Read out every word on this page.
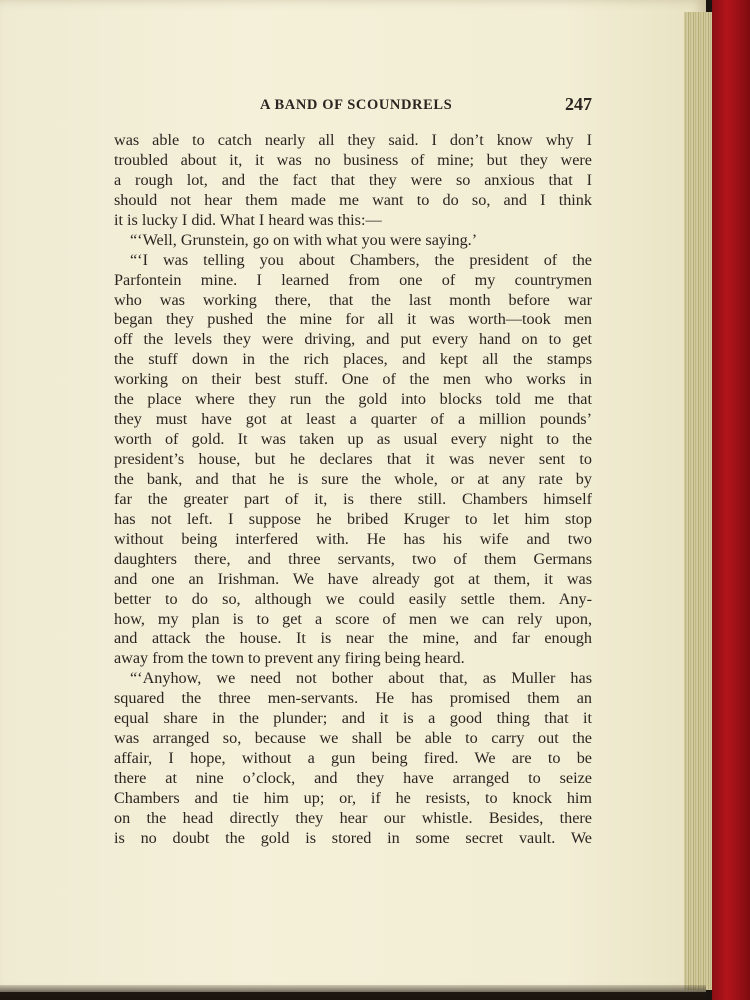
A BAND OF SCOUNDRELS	247
was able to catch nearly all they said. I don’t know why I
troubled about it, it was no business of mine; but they were
a rough lot, and the fact that they were so anxious that I
should not hear them made me want to do so, and I think
it is lucky I did. What I heard was this:—
“‘Well, Grunstein, go on with what you were saying.’
“‘I was telling you about Chambers, the president of the
Parfontein mine. I learned from one of my countrymen
who was working there, that the last month before war
began they pushed the mine for all it was worth—took men
off the levels they were driving, and put every hand on to get
the stuff down in the rich places, and kept all the stamps
working on their best stuff. One of the men who works in
the place where they run the gold into blocks told me that
they must have got at least a quarter of a million pounds’
worth of gold. It was taken up as usual every night to the
president’s house, but he declares that it was never sent to
the bank, and that he is sure the whole, or at any rate by
far the greater part of it, is there still. Chambers himself
has not left. I suppose he bribed Kruger to let him stop
without being interfered with. He has his wife and two
daughters there, and three servants, two of them Germans
and one an Irishman. We have already got at them, it was
better to do so, although we could easily settle them. Any-
how, my plan is to get a score of men we can rely upon,
and attack the house. It is near the mine, and far enough
away from the town to prevent any firing being heard.
“‘Anyhow, we need not bother about that, as Muller has
squared the three men-servants. He has promised them an
equal share in the plunder; and it is a good thing that it
was arranged so, because we shall be able to carry out the
affair, I hope, without a gun being fired. We are to be
there at nine o’clock, and they have arranged to seize
Chambers and tie him up; or, if he resists, to knock him
on the head directly they hear our whistle. Besides, there
is no doubt the gold is stored in some secret vault. We
